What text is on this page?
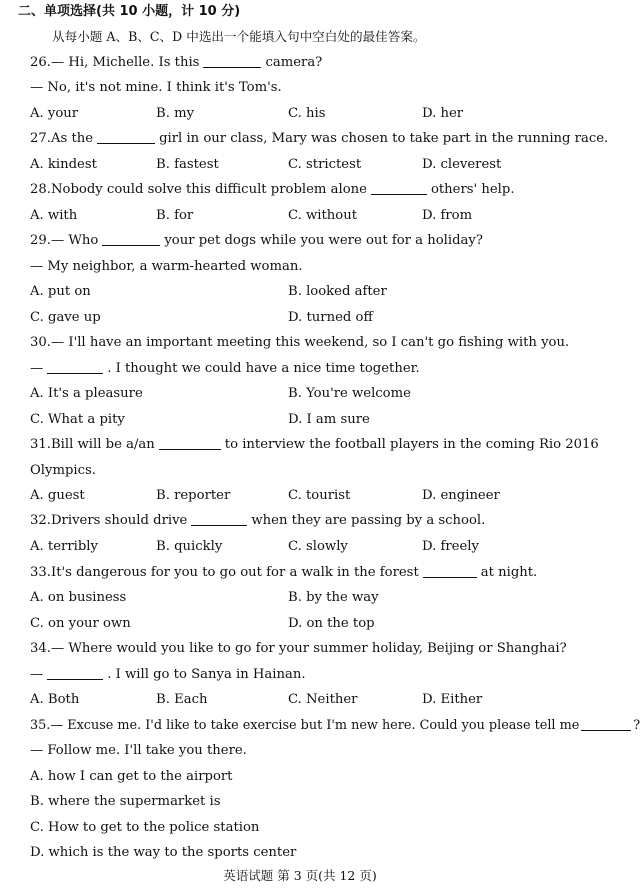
二、单项选择(共 10 小题，计 10 分)
从每小题 A、B、C、D 中选出一个能填入句中空白处的最佳答案。
26.— Hi, Michelle. Is this	camera?
— No, it's not mine. I think it's Tom's.
A. your	B. my	C. his	D. her
27.As the	girl in our class, Mary was chosen to take part in the running race.
A. kindest	B. fastest	C. strictest	D. cleverest
28.Nobody could solve this difficult problem alone	others' help.
A. with	B. for	C. without	D. from
29.— Who	your pet dogs while you were out for a holiday?
— My neighbor, a warm-hearted woman.
A. put on	B. looked after
C. gave up	D. turned off
30.— I'll have an important meeting this weekend, so I can't go fishing with you.
—	. I thought we could have a nice time together.
A. It's a pleasure	B. You're welcome
C. What a pity	D. I am sure
31.Bill will be a/an	to interview the football players in the coming Rio 2016
Olympics.
A. guest	B. reporter	C. tourist	D. engineer
32.Drivers should drive	when they are passing by a school.
A. terribly	B. quickly	C. slowly	D. freely
33.It's dangerous for you to go out for a walk in the forest	at night.
A. on business	B. by the way
C. on your own	D. on the top
34.— Where would you like to go for your summer holiday, Beijing or Shanghai?
—	. I will go to Sanya in Hainan.
A. Both	B. Each	C. Neither	D. Either
35.— Excuse me. I'd like to take exercise but I'm new here. Could you please tell me	?
— Follow me. I'll take you there.
A. how I can get to the airport
B. where the supermarket is
C. How to get to the police station
D. which is the way to the sports center
英语试题 第 3 页(共 12 页)
